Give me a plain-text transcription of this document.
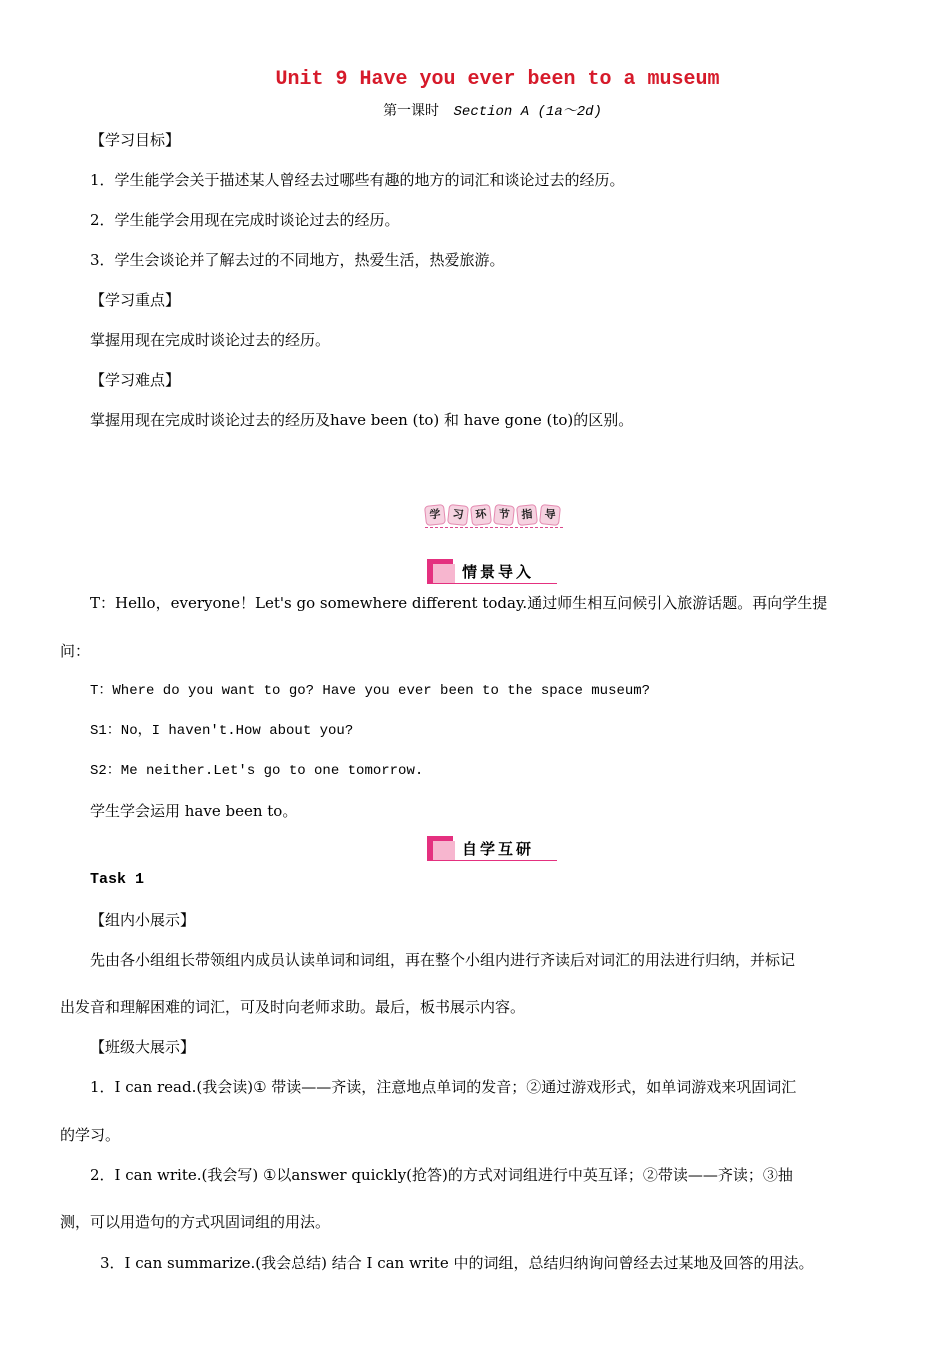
Unit 9 Have you ever been to a museum
第一课时 Section A (1a～2d)
【学习目标】
1．学生能学会关于描述某人曾经去过哪些有趣的地方的词汇和谈论过去的经历。
2．学生能学会用现在完成时谈论过去的经历。
3．学生会谈论并了解去过的不同地方，热爱生活，热爱旅游。
【学习重点】
掌握用现在完成时谈论过去的经历。
【学习难点】
掌握用现在完成时谈论过去的经历及have been (to) 和 have gone (to)的区别。
学 习 环 节 指 导
情景导入
T：Hello，everyone！Let's go somewhere different today.通过师生相互问候引入旅游话题。再向学生提
问：
T：Where do you want to go? Have you ever been to the space museum?
S1：No，I haven't.How about you?
S2：Me neither.Let's go to one tomorrow.
学生学会运用 have been to。
自学互研
Task 1
【组内小展示】
先由各小组组长带领组内成员认读单词和词组，再在整个小组内进行齐读后对词汇的用法进行归纳，并标记
出发音和理解困难的词汇，可及时向老师求助。最后，板书展示内容。
【班级大展示】
1．I can read.(我会读)① 带读——齐读，注意地点单词的发音；②通过游戏形式，如单词游戏来巩固词汇
的学习。
2．I can write.(我会写) ①以answer quickly(抢答)的方式对词组进行中英互译；②带读——齐读；③抽
测，可以用造句的方式巩固词组的用法。
3．I can summarize.(我会总结) 结合 I can write 中的词组，总结归纳询问曾经去过某地及回答的用法。
